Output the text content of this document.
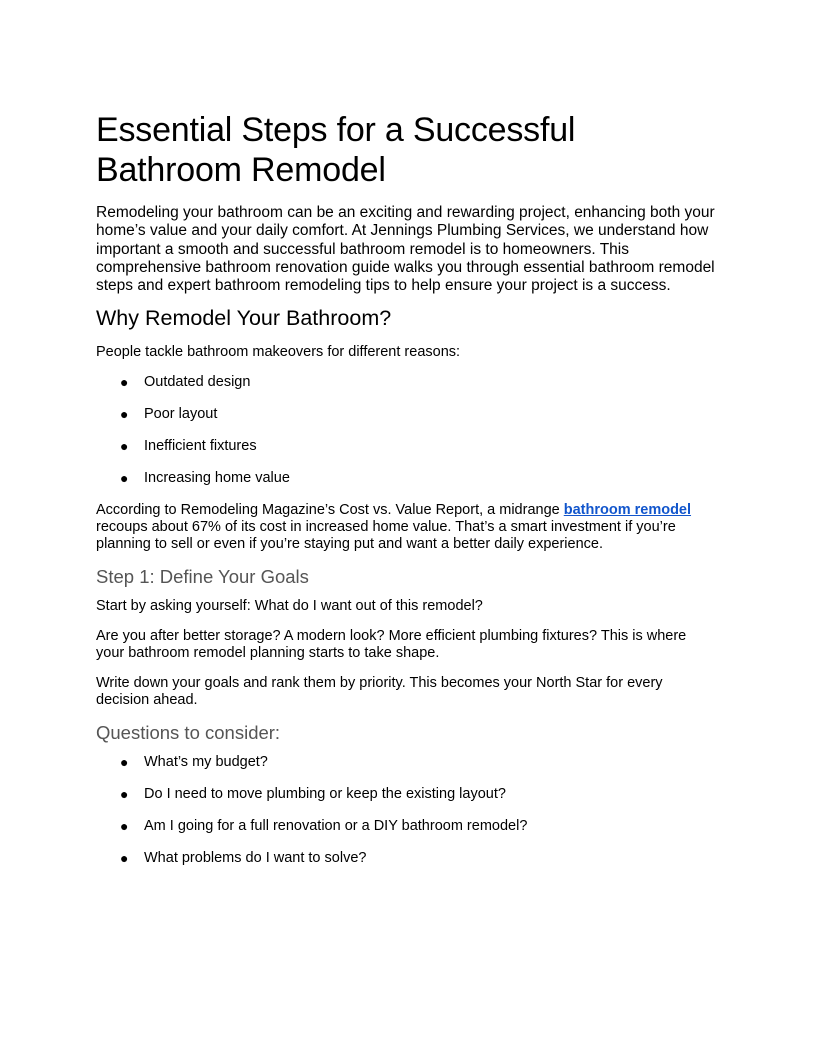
Essential Steps for a Successful Bathroom Remodel

Remodeling your bathroom can be an exciting and rewarding project, enhancing both your home’s value and your daily comfort. At Jennings Plumbing Services, we understand how important a smooth and successful bathroom remodel is to homeowners. This comprehensive bathroom renovation guide walks you through essential bathroom remodel steps and expert bathroom remodeling tips to help ensure your project is a success.

Why Remodel Your Bathroom?

People tackle bathroom makeovers for different reasons:

● Outdated design
● Poor layout
● Inefficient fixtures
● Increasing home value

According to Remodeling Magazine’s Cost vs. Value Report, a midrange bathroom remodel recoups about 67% of its cost in increased home value. That’s a smart investment if you’re planning to sell or even if you’re staying put and want a better daily experience.

Step 1: Define Your Goals

Start by asking yourself: What do I want out of this remodel?

Are you after better storage? A modern look? More efficient plumbing fixtures? This is where your bathroom remodel planning starts to take shape.

Write down your goals and rank them by priority. This becomes your North Star for every decision ahead.

Questions to consider:
● What’s my budget?
● Do I need to move plumbing or keep the existing layout?
● Am I going for a full renovation or a DIY bathroom remodel?
● What problems do I want to solve?
